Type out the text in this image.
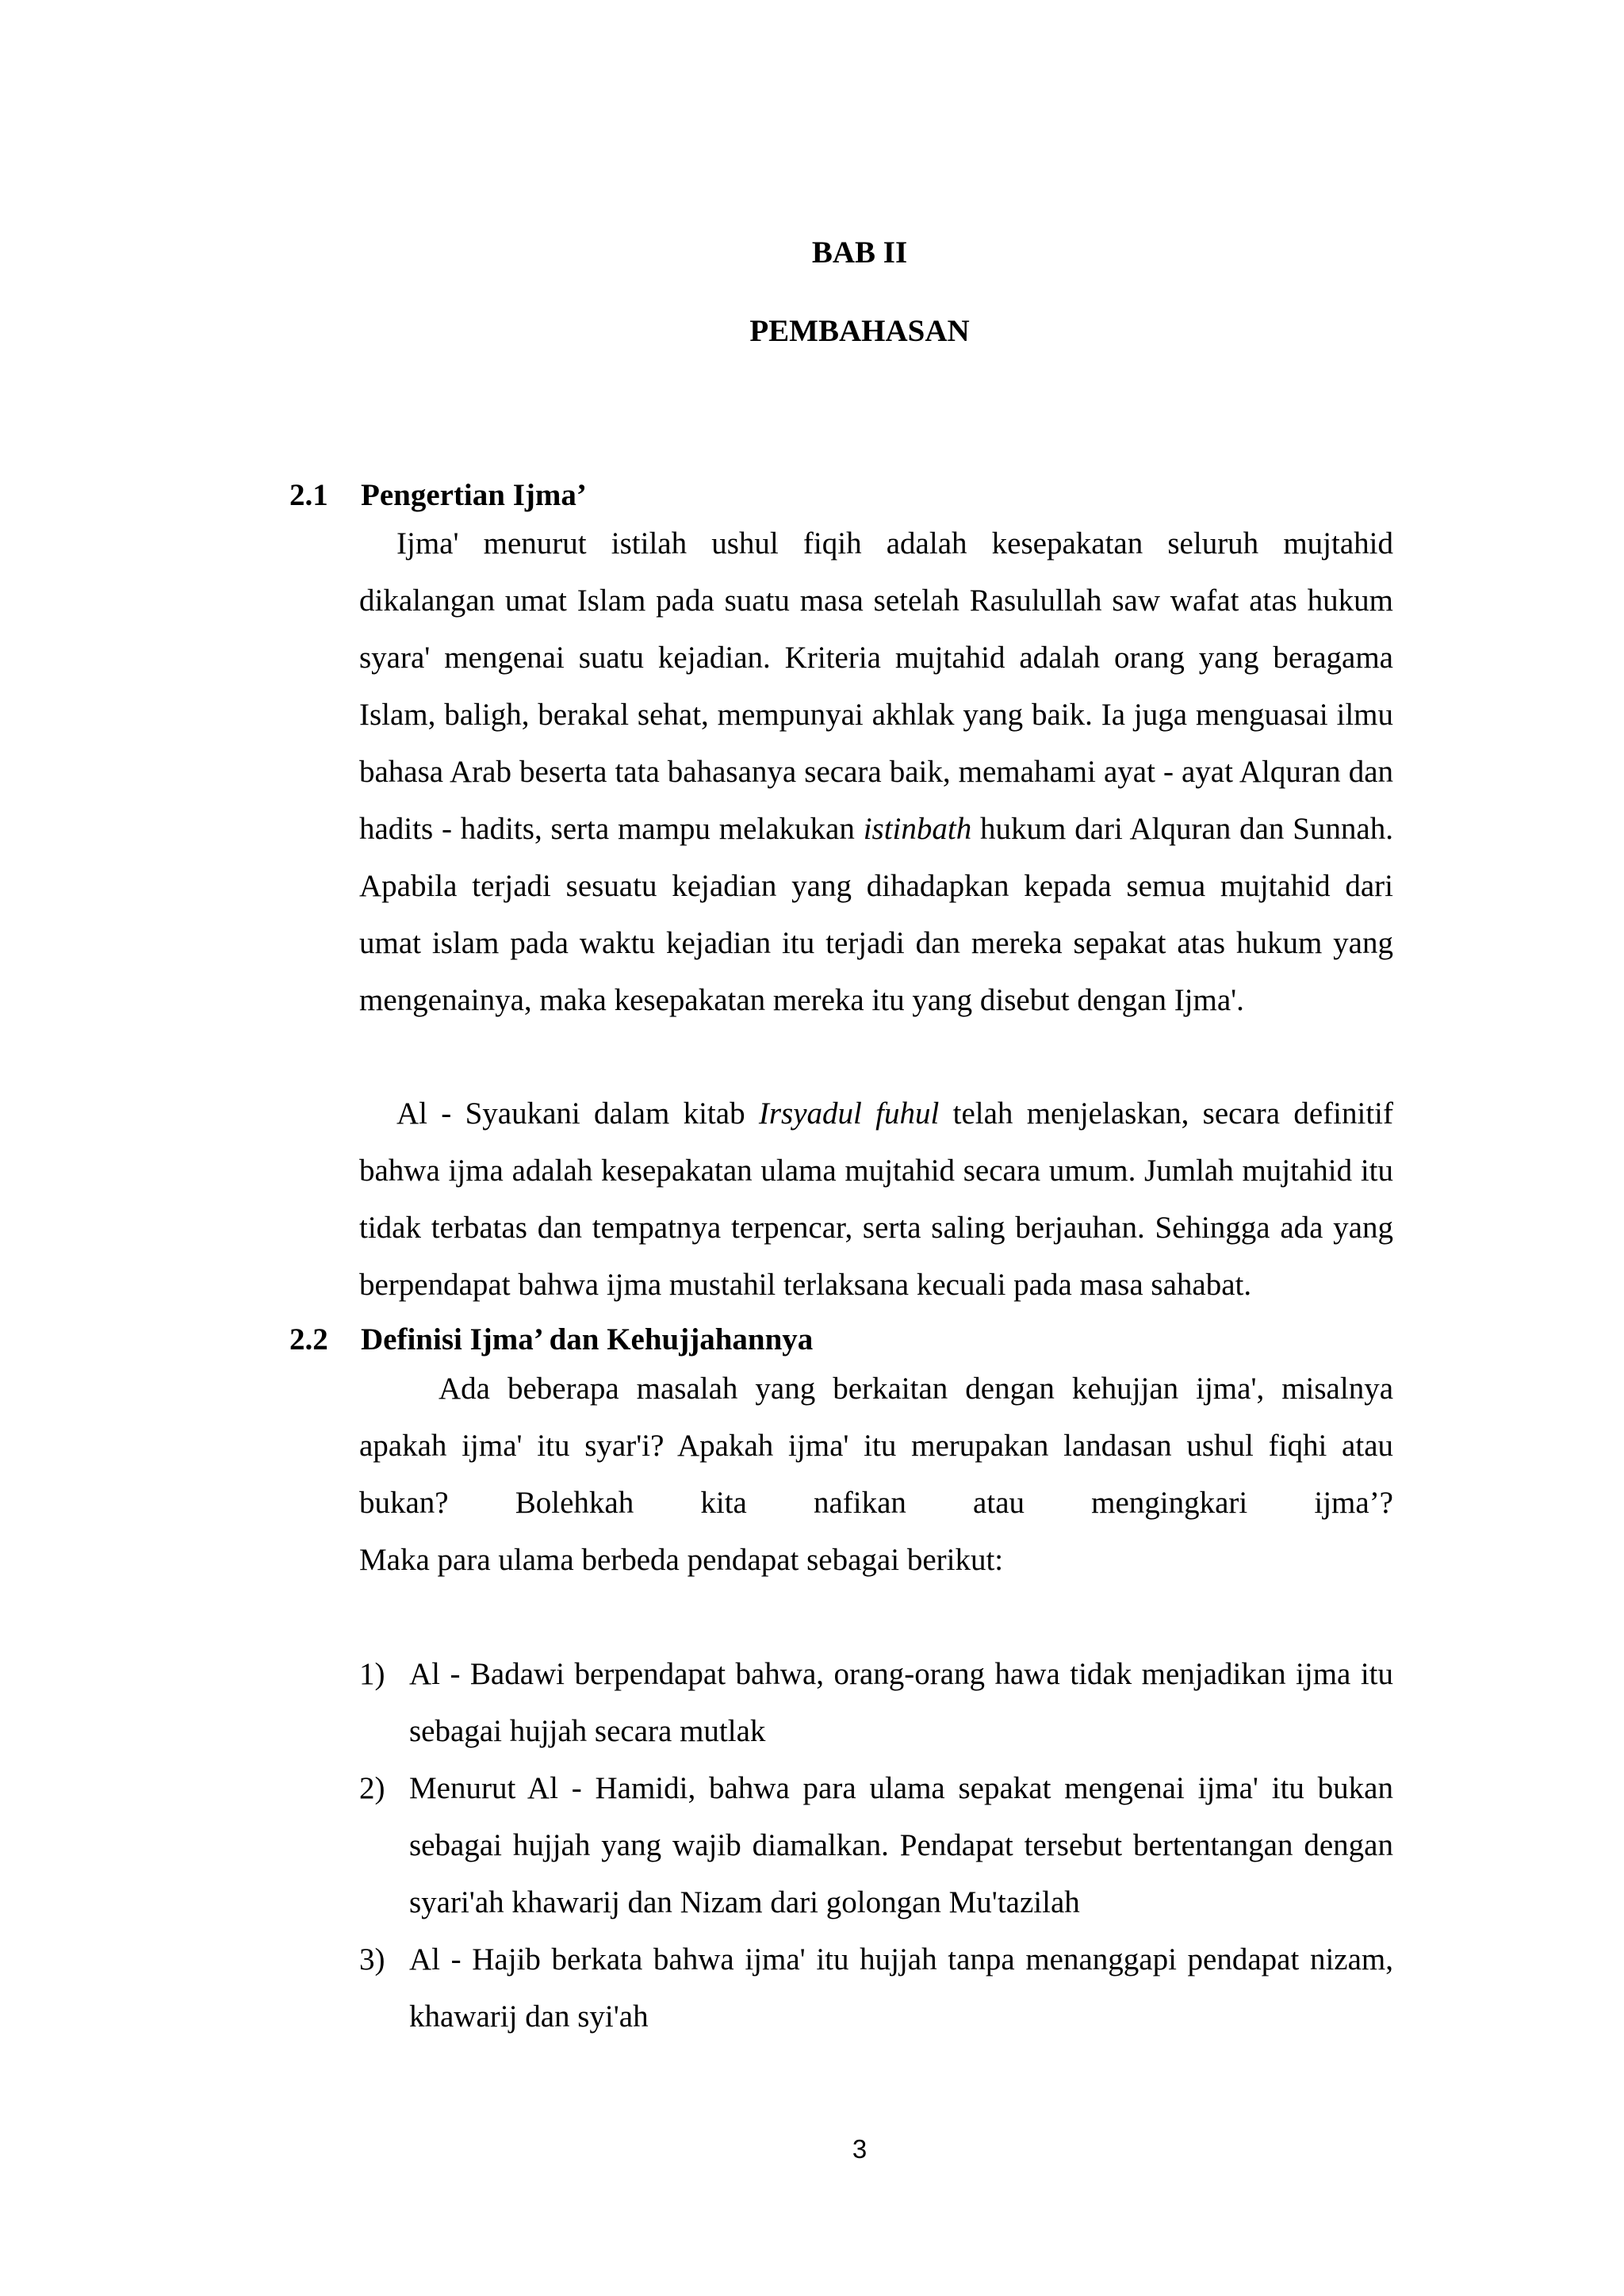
BAB II
PEMBAHASAN
2.1 Pengertian Ijma’

Ijma' menurut istilah ushul fiqih adalah kesepakatan seluruh mujtahid dikalangan umat Islam pada suatu masa setelah Rasulullah saw wafat atas hukum syara' mengenai suatu kejadian. Kriteria mujtahid adalah orang yang beragama Islam, baligh, berakal sehat, mempunyai akhlak yang baik. Ia juga menguasai ilmu bahasa Arab beserta tata bahasanya secara baik, memahami ayat - ayat Alquran dan hadits - hadits, serta mampu melakukan istinbath hukum dari Alquran dan Sunnah. Apabila terjadi sesuatu kejadian yang dihadapkan kepada semua mujtahid dari umat islam pada waktu kejadian itu terjadi dan mereka sepakat atas hukum yang mengenainya, maka kesepakatan mereka itu yang disebut dengan Ijma'.

Al - Syaukani dalam kitab Irsyadul fuhul telah menjelaskan, secara definitif bahwa ijma adalah kesepakatan ulama mujtahid secara umum. Jumlah mujtahid itu tidak terbatas dan tempatnya terpencar, serta saling berjauhan. Sehingga ada yang berpendapat bahwa ijma mustahil terlaksana kecuali pada masa sahabat.

2.2 Definisi Ijma’ dan Kehujjahannya

Ada beberapa masalah yang berkaitan dengan kehujjan ijma', misalnya apakah ijma' itu syar'i? Apakah ijma' itu merupakan landasan ushul fiqhi atau bukan? Bolehkah kita nafikan atau mengingkari ijma’?

Maka para ulama berbeda pendapat sebagai berikut:

1) Al - Badawi berpendapat bahwa, orang-orang hawa tidak menjadikan ijma itu sebagai hujjah secara mutlak
2) Menurut Al - Hamidi, bahwa para ulama sepakat mengenai ijma' itu bukan sebagai hujjah yang wajib diamalkan. Pendapat tersebut bertentangan dengan syari'ah khawarij dan Nizam dari golongan Mu'tazilah
3) Al - Hajib berkata bahwa ijma' itu hujjah tanpa menanggapi pendapat nizam, khawarij dan syi'ah
3
